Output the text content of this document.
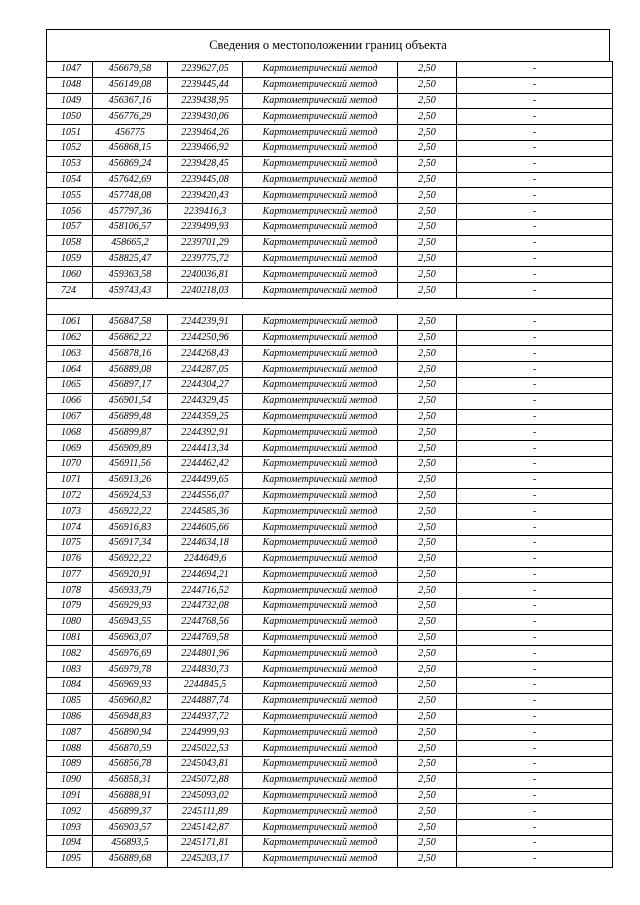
Сведения о местоположении границ объекта
1047	456679,58	2239627,05	Картометрический метод	2,50	-
1048	456149,08	2239445,44	Картометрический метод	2,50	-
1049	456367,16	2239438,95	Картометрический метод	2,50	-
1050	456776,29	2239430,06	Картометрический метод	2,50	-
1051	456775	2239464,26	Картометрический метод	2,50	-
1052	456868,15	2239466,92	Картометрический метод	2,50	-
1053	456869,24	2239428,45	Картометрический метод	2,50	-
1054	457642,69	2239445,08	Картометрический метод	2,50	-
1055	457748,08	2239420,43	Картометрический метод	2,50	-
1056	457797,36	2239416,3	Картометрический метод	2,50	-
1057	458106,57	2239499,93	Картометрический метод	2,50	-
1058	458665,2	2239701,29	Картометрический метод	2,50	-
1059	458825,47	2239775,72	Картометрический метод	2,50	-
1060	459363,58	2240036,81	Картометрический метод	2,50	-
724	459743,43	2240218,03	Картометрический метод	2,50	-

1061	456847,58	2244239,91	Картометрический метод	2,50	-
1062	456862,22	2244250,96	Картометрический метод	2,50	-
1063	456878,16	2244268,43	Картометрический метод	2,50	-
1064	456889,08	2244287,05	Картометрический метод	2,50	-
1065	456897,17	2244304,27	Картометрический метод	2,50	-
1066	456901,54	2244329,45	Картометрический метод	2,50	-
1067	456899,48	2244359,25	Картометрический метод	2,50	-
1068	456899,87	2244392,91	Картометрический метод	2,50	-
1069	456909,89	2244413,34	Картометрический метод	2,50	-
1070	456911,56	2244462,42	Картометрический метод	2,50	-
1071	456913,26	2244499,65	Картометрический метод	2,50	-
1072	456924,53	2244556,07	Картометрический метод	2,50	-
1073	456922,22	2244585,36	Картометрический метод	2,50	-
1074	456916,83	2244605,66	Картометрический метод	2,50	-
1075	456917,34	2244634,18	Картометрический метод	2,50	-
1076	456922,22	2244649,6	Картометрический метод	2,50	-
1077	456920,91	2244694,21	Картометрический метод	2,50	-
1078	456933,79	2244716,52	Картометрический метод	2,50	-
1079	456929,93	2244732,08	Картометрический метод	2,50	-
1080	456943,55	2244768,56	Картометрический метод	2,50	-
1081	456963,07	2244769,58	Картометрический метод	2,50	-
1082	456976,69	2244801,96	Картометрический метод	2,50	-
1083	456979,78	2244830,73	Картометрический метод	2,50	-
1084	456969,93	2244845,5	Картометрический метод	2,50	-
1085	456960,82	2244887,74	Картометрический метод	2,50	-
1086	456948,83	2244937,72	Картометрический метод	2,50	-
1087	456890,94	2244999,93	Картометрический метод	2,50	-
1088	456870,59	2245022,53	Картометрический метод	2,50	-
1089	456856,78	2245043,81	Картометрический метод	2,50	-
1090	456858,31	2245072,88	Картометрический метод	2,50	-
1091	456888,91	2245093,02	Картометрический метод	2,50	-
1092	456899,37	2245111,89	Картометрический метод	2,50	-
1093	456903,57	2245142,87	Картометрический метод	2,50	-
1094	456893,5	2245171,81	Картометрический метод	2,50	-
1095	456889,68	2245203,17	Картометрический метод	2,50	-
